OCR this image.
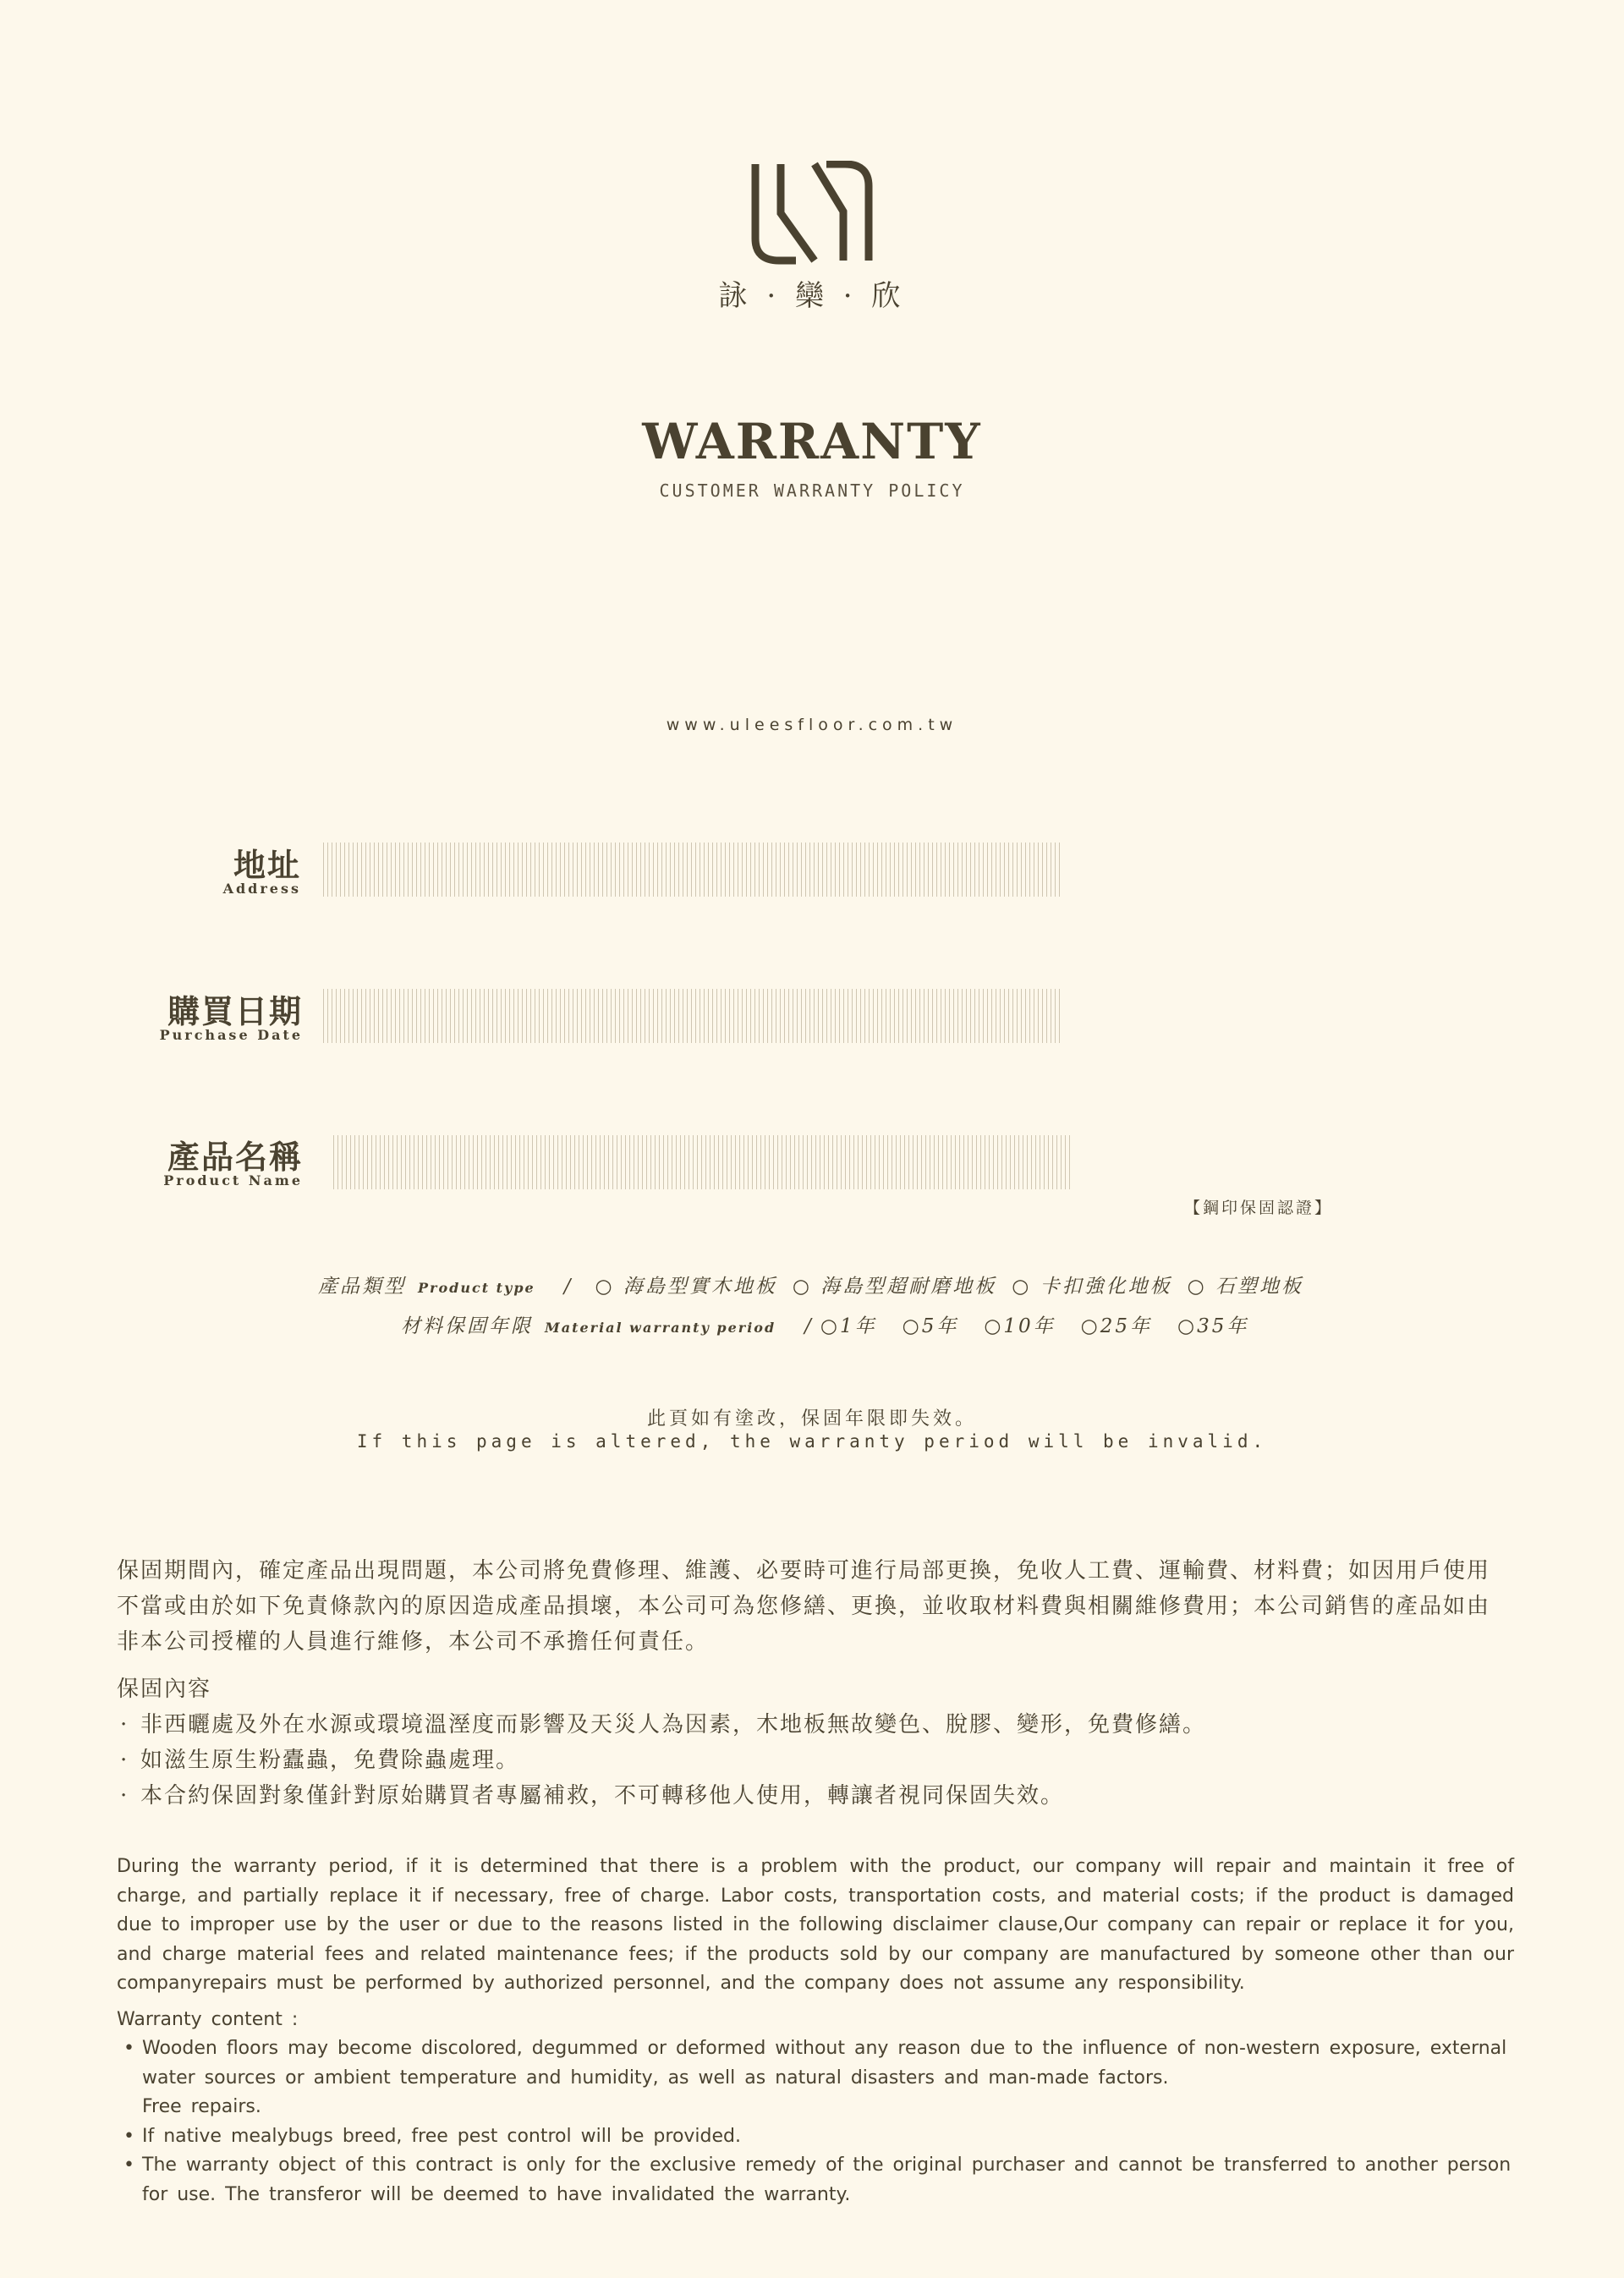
詠 · 欒 · 欣
WARRANTY
CUSTOMER WARRANTY POLICY
www.uleesfloor.com.tw
地址
Address
購買日期
Purchase Date
產品名稱
Product Name
【鋼印保固認證】
產品類型 Product type / ○ 海島型實木地板 ○ 海島型超耐磨地板 ○ 卡扣強化地板 ○ 石塑地板
材料保固年限 Material warranty period / ○1年 ○5年 ○10年 ○25年 ○35年
此頁如有塗改，保固年限即失效。
If this page is altered, the warranty period will be invalid.
保固期間內，確定產品出現問題，本公司將免費修理、維護、必要時可進行局部更換，免收人工費、運輸費、材料費；如因用戶使用不當或由於如下免責條款內的原因造成產品損壞，本公司可為您修繕、更換，並收取材料費與相關維修費用；本公司銷售的產品如由非本公司授權的人員進行維修，本公司不承擔任何責任。
保固內容
· 非西曬處及外在水源或環境溫溼度而影響及天災人為因素，木地板無故變色、脫膠、變形，免費修繕。
· 如滋生原生粉蠹蟲，免費除蟲處理。
· 本合約保固對象僅針對原始購買者專屬補救，不可轉移他人使用，轉讓者視同保固失效。
During the warranty period, if it is determined that there is a problem with the product, our company will repair and maintain it free of charge, and partially replace it if necessary, free of charge. Labor costs, transportation costs, and material costs; if the product is damaged due to improper use by the user or due to the reasons listed in the following disclaimer clause,Our company can repair or replace it for you, and charge material fees and related maintenance fees; if the products sold by our company are manufactured by someone other than our companyrepairs must be performed by authorized personnel, and the company does not assume any responsibility.
Warranty content :
• Wooden floors may become discolored, degummed or deformed without any reason due to the influence of non-western exposure, external water sources or ambient temperature and humidity, as well as natural disasters and man-made factors.
Free repairs.
• If native mealybugs breed, free pest control will be provided.
• The warranty object of this contract is only for the exclusive remedy of the original purchaser and cannot be transferred to another person for use. The transferor will be deemed to have invalidated the warranty.
